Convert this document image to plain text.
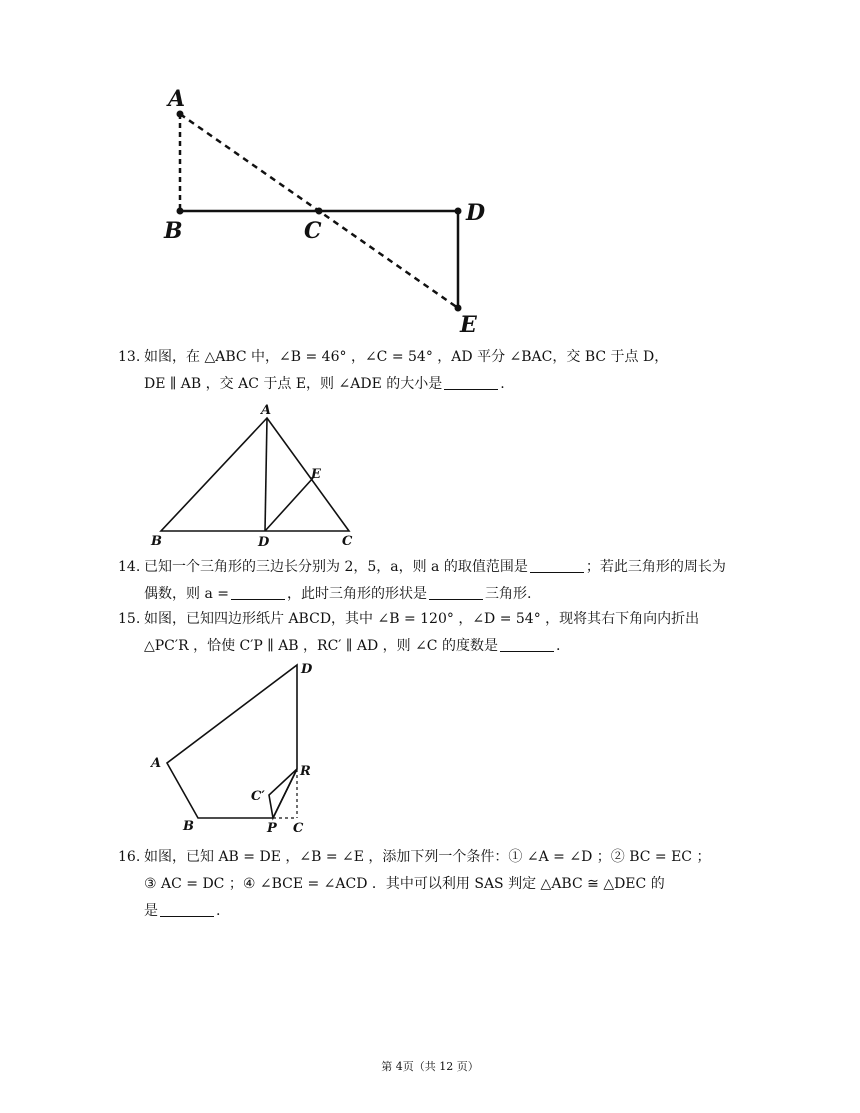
A
B	C
D
E
13. 如图，在 △ABC 中，∠B = 46° ，∠C = 54° ，AD 平分 ∠BAC，交 BC 于点 D，
DE ∥ AB ，交 AC 于点 E，则 ∠ADE 的大小是	.
A
B	D	C
E
14. 已知一个三角形的三边长分别为 2，5，a，则 a 的取值范围是	；若此三角形的周长为
偶数，则 a =	，此时三角形的形状是	三角形.
15. 如图，已知四边形纸片 ABCD，其中 ∠B = 120° ，∠D = 54° ，现将其右下角向内折出
△PC′R ，恰使 C′P ∥ AB ，RC′ ∥ AD ，则 ∠C 的度数是	.
D
A
B
R
C′
P C
16. 如图，已知 AB = DE ，∠B = ∠E ，添加下列一个条件：① ∠A = ∠D ；② BC = EC ；
③ AC = DC ；④ ∠BCE = ∠ACD ．其中可以利用 SAS 判定 △ABC ≅ △DEC 的
是	.
第 4页（共 12 页）
